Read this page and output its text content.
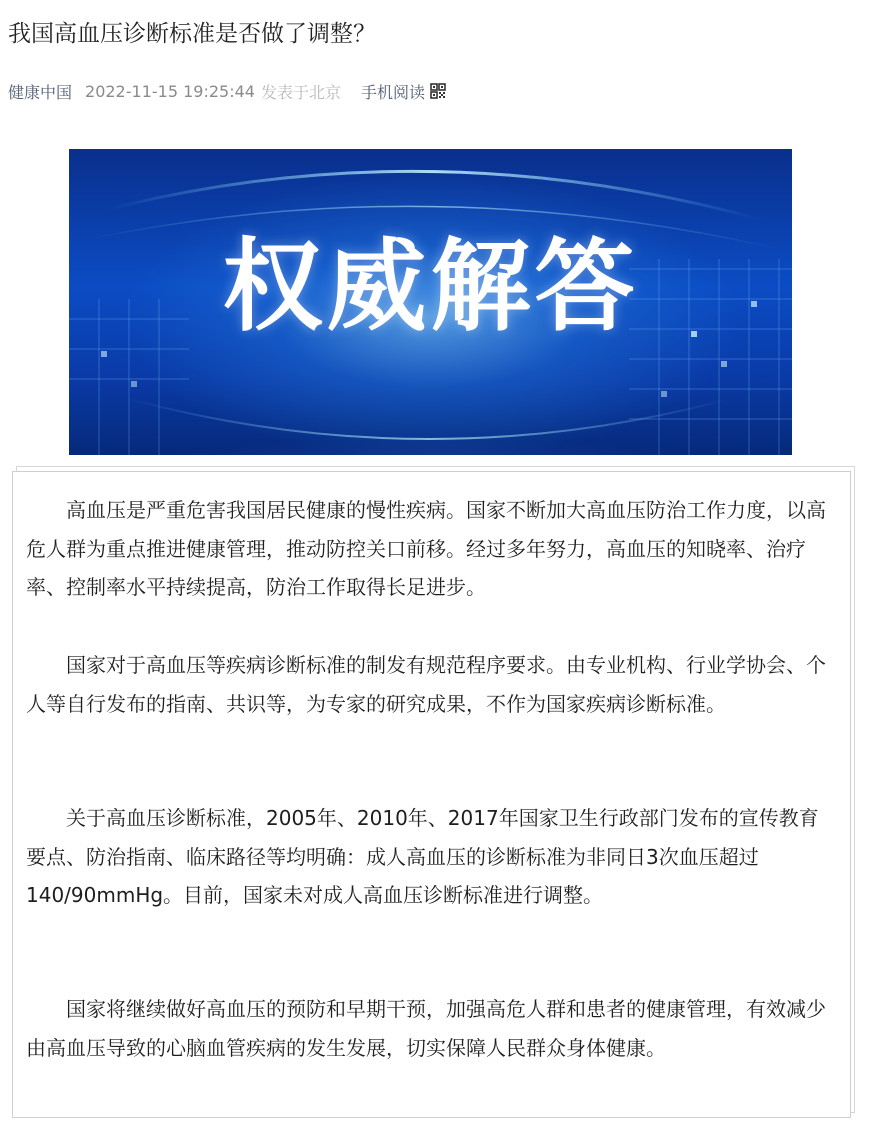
我国高血压诊断标准是否做了调整？
健康中国 2022-11-15 19:25:44 发表于北京 手机阅读
权威解答

高血压是严重危害我国居民健康的慢性疾病。国家不断加大高血压防治工作力度，以高危人群为重点推进健康管理，推动防控关口前移。经过多年努力，高血压的知晓率、治疗率、控制率水平持续提高，防治工作取得长足进步。

国家对于高血压等疾病诊断标准的制发有规范程序要求。由专业机构、行业学协会、个人等自行发布的指南、共识等，为专家的研究成果，不作为国家疾病诊断标准。

关于高血压诊断标准，2005年、2010年、2017年国家卫生行政部门发布的宣传教育要点、防治指南、临床路径等均明确：成人高血压的诊断标准为非同日3次血压超过140/90mmHg。目前，国家未对成人高血压诊断标准进行调整。

国家将继续做好高血压的预防和早期干预，加强高危人群和患者的健康管理，有效减少由高血压导致的心脑血管疾病的发生发展，切实保障人民群众身体健康。
